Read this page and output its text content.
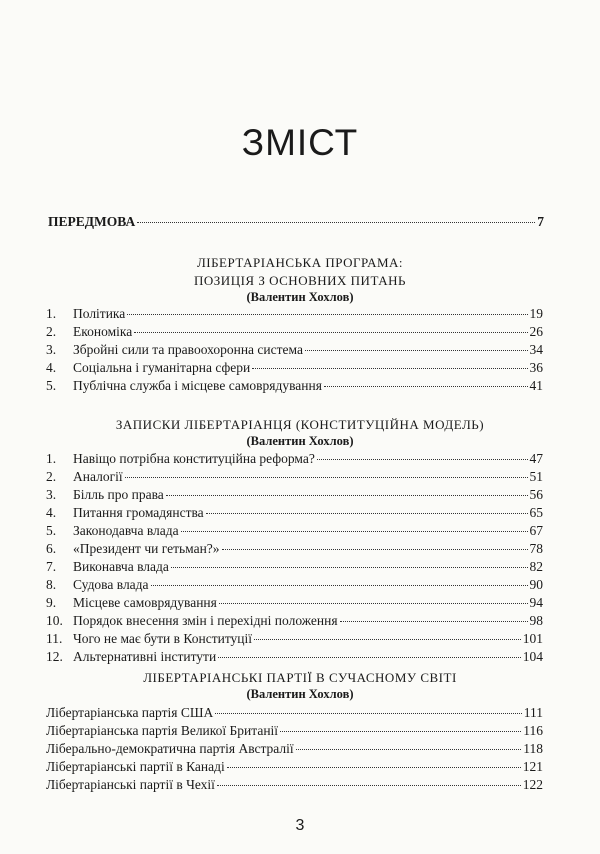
ЗМІСТ
ПЕРЕДМОВА	7
ЛІБЕРТАРІАНСЬКА ПРОГРАМА:
ПОЗИЦІЯ З ОСНОВНИХ ПИТАНЬ
(Валентин Хохлов)
1.	Політика	19
2.	Економіка	26
3.	Збройні сили та правоохоронна система	34
4.	Соціальна і гуманітарна сфери	36
5.	Публічна служба і місцеве самоврядування	41
ЗАПИСКИ ЛІБЕРТАРІАНЦЯ (КОНСТИТУЦІЙНА МОДЕЛЬ)
(Валентин Хохлов)
1.	Навіщо потрібна конституційна реформа?	47
2.	Аналогії	51
3.	Білль про права	56
4.	Питання громадянства	65
5.	Законодавча влада	67
6.	«Президент чи гетьман?»	78
7.	Виконавча влада	82
8.	Судова влада	90
9.	Місцеве самоврядування	94
10. Порядок внесення змін і перехідні положення	98
11. Чого не має бути в Конституції	101
12. Альтернативні інститути	104
ЛІБЕРТАРІАНСЬКІ ПАРТІЇ В СУЧАСНОМУ СВІТІ
(Валентин Хохлов)
Лібертаріанська партія США	111
Лібертаріанська партія Великої Британії	116
Ліберально-демократична партія Австралії	118
Лібертаріанські партії в Канаді	121
Лібертаріанські партії в Чехії	122
3
